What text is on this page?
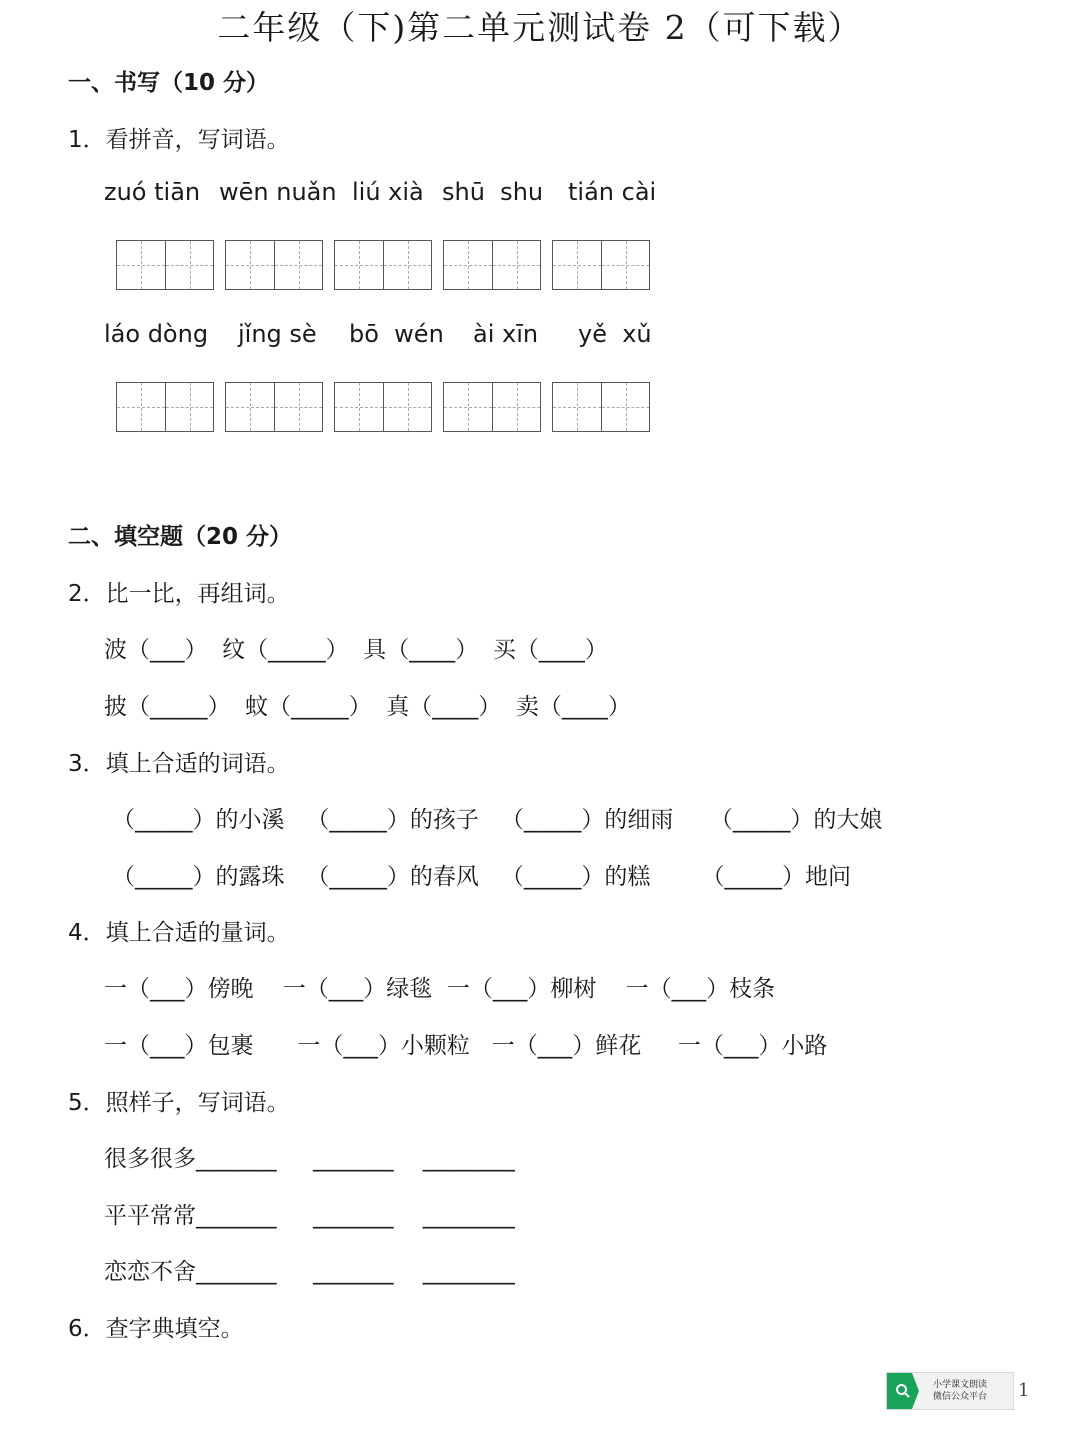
二年级（下)第二单元测试卷 2（可下载）
一、书写（10 分）
1．看拼音，写词语。
zuó tiān wēn nuǎn liú xià shū  shu tián cài
láo dòng jǐng sè bō  wén ài xīn yě  xǔ
二、填空题（20 分）
2．比一比，再组词。
波（___）  纹（_____）  具（____）  买（____）
披（_____）  蚊（_____）  真（____）  卖（____）
3．填上合适的词语。
（_____）的小溪   （_____）的孩子   （_____）的细雨     （_____）的大娘
（_____）的露珠   （_____）的春风   （_____）的糕       （_____）地问
4．填上合适的量词。
一（___）傍晚    一（___）绿毯  一（___）柳树    一（___）枝条
一（___）包裹      一（___）小颗粒   一（___）鲜花     一（___）小路
5．照样子，写词语。
很多很多_______     _______    ________
平平常常_______     _______    ________
恋恋不舍_______     _______    ________
6．查字典填空。
小学课文朗读
微信公众平台 1
